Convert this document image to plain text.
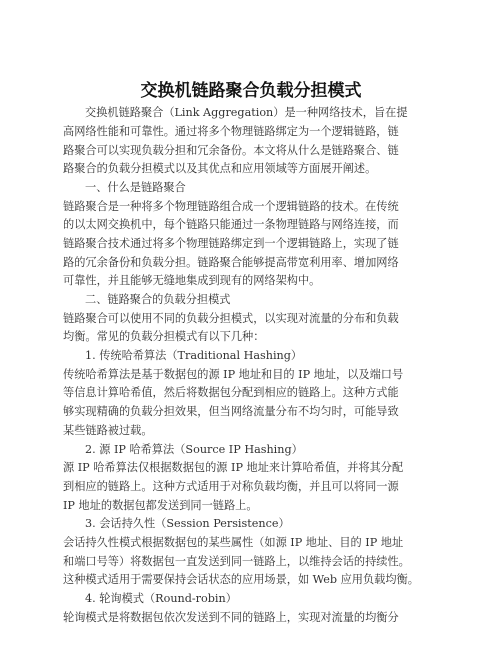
交换机链路聚合负载分担模式
交换机链路聚合（Link Aggregation）是一种网络技术，旨在提
高网络性能和可靠性。通过将多个物理链路绑定为一个逻辑链路，链
路聚合可以实现负载分担和冗余备份。本文将从什么是链路聚合、链
路聚合的负载分担模式以及其优点和应用领域等方面展开阐述。
一、什么是链路聚合
链路聚合是一种将多个物理链路组合成一个逻辑链路的技术。在传统
的以太网交换机中，每个链路只能通过一条物理链路与网络连接，而
链路聚合技术通过将多个物理链路绑定到一个逻辑链路上，实现了链
路的冗余备份和负载分担。链路聚合能够提高带宽利用率、增加网络
可靠性，并且能够无缝地集成到现有的网络架构中。
二、链路聚合的负载分担模式
链路聚合可以使用不同的负载分担模式，以实现对流量的分布和负载
均衡。常见的负载分担模式有以下几种：
1. 传统哈希算法（Traditional Hashing）
传统哈希算法是基于数据包的源 IP 地址和目的 IP 地址，以及端口号
等信息计算哈希值，然后将数据包分配到相应的链路上。这种方式能
够实现精确的负载分担效果，但当网络流量分布不均匀时，可能导致
某些链路被过载。
2. 源 IP 哈希算法（Source IP Hashing）
源 IP 哈希算法仅根据数据包的源 IP 地址来计算哈希值，并将其分配
到相应的链路上。这种方式适用于对称负载均衡，并且可以将同一源
IP 地址的数据包都发送到同一链路上。
3. 会话持久性（Session Persistence）
会话持久性模式根据数据包的某些属性（如源 IP 地址、目的 IP 地址
和端口号等）将数据包一直发送到同一链路上，以维持会话的持续性。
这种模式适用于需要保持会话状态的应用场景，如 Web 应用负载均衡。
4. 轮询模式（Round-robin）
轮询模式是将数据包依次发送到不同的链路上，实现对流量的均衡分
